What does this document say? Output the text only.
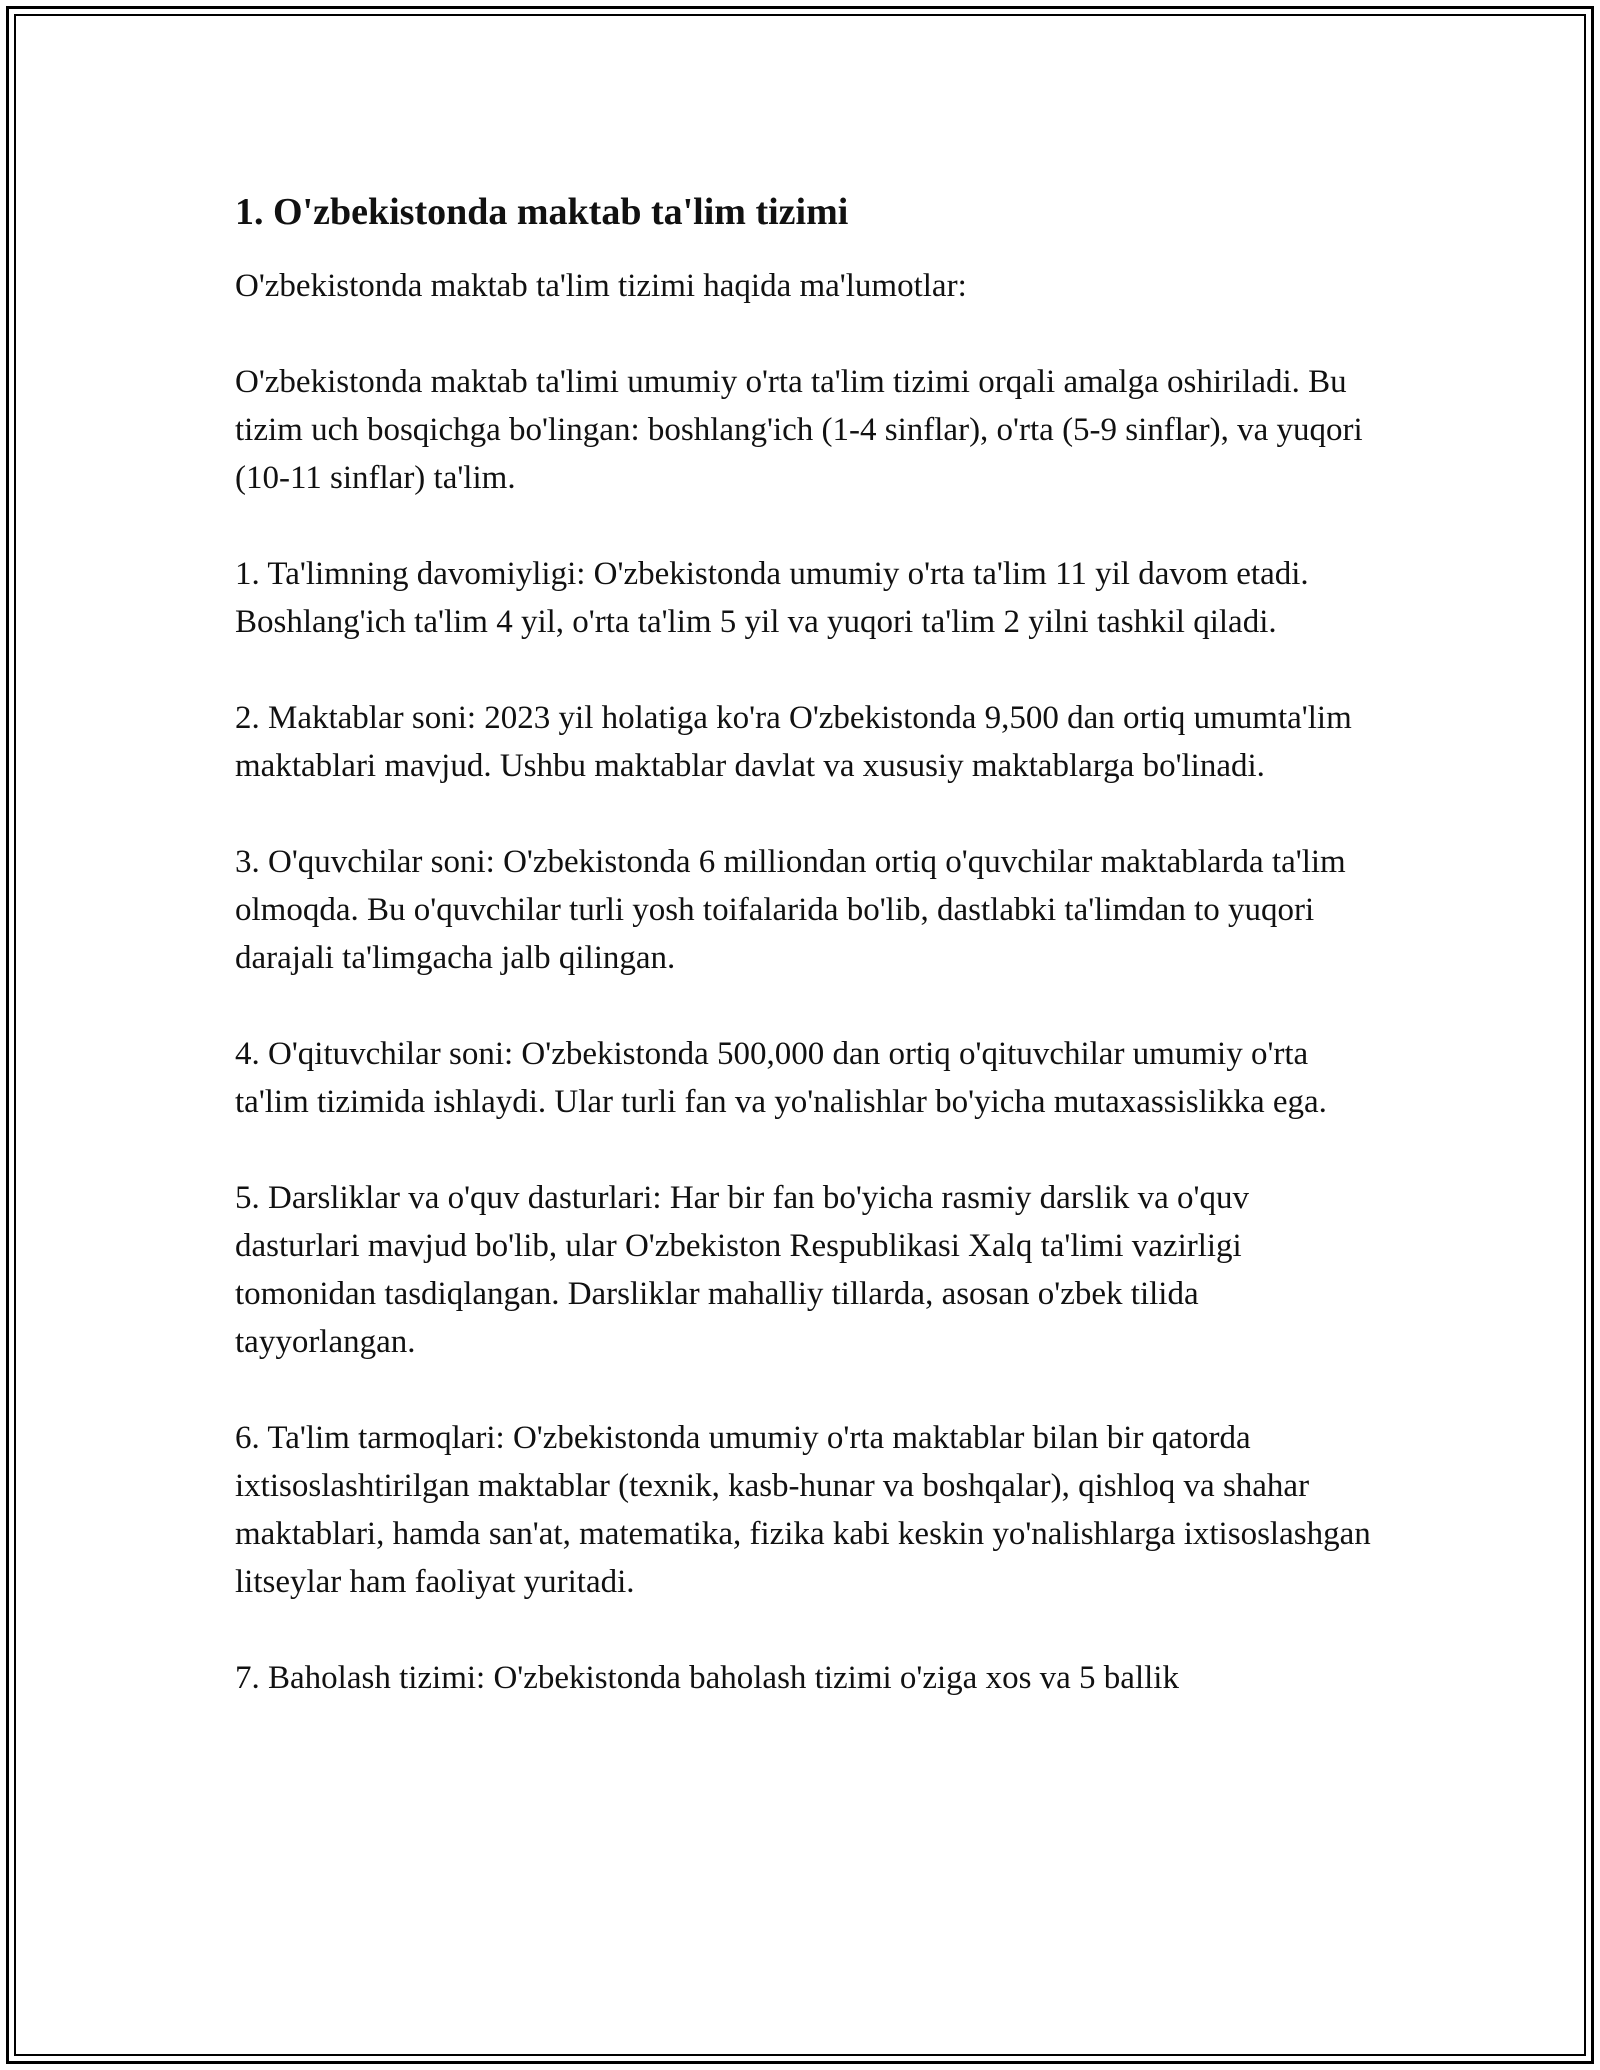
1. O'zbekistonda maktab ta'lim tizimi

O'zbekistonda maktab ta'lim tizimi haqida ma'lumotlar:

O'zbekistonda maktab ta'limi umumiy o'rta ta'lim tizimi orqali amalga oshiriladi. Bu tizim uch bosqichga bo'lingan: boshlang'ich (1-4 sinflar), o'rta (5-9 sinflar), va yuqori (10-11 sinflar) ta'lim.

1. Ta'limning davomiyligi: O'zbekistonda umumiy o'rta ta'lim 11 yil davom etadi. Boshlang'ich ta'lim 4 yil, o'rta ta'lim 5 yil va yuqori ta'lim 2 yilni tashkil qiladi.

2. Maktablar soni: 2023 yil holatiga ko'ra O'zbekistonda 9,500 dan ortiq umumta'lim maktablari mavjud. Ushbu maktablar davlat va xususiy maktablarga bo'linadi.

3. O'quvchilar soni: O'zbekistonda 6 milliondan ortiq o'quvchilar maktablarda ta'lim olmoqda. Bu o'quvchilar turli yosh toifalarida bo'lib, dastlabki ta'limdan to yuqori darajali ta'limgacha jalb qilingan.

4. O'qituvchilar soni: O'zbekistonda 500,000 dan ortiq o'qituvchilar umumiy o'rta ta'lim tizimida ishlaydi. Ular turli fan va yo'nalishlar bo'yicha mutaxassislikka ega.

5. Darsliklar va o'quv dasturlari: Har bir fan bo'yicha rasmiy darslik va o'quv dasturlari mavjud bo'lib, ular O'zbekiston Respublikasi Xalq ta'limi vazirligi tomonidan tasdiqlangan. Darsliklar mahalliy tillarda, asosan o'zbek tilida tayyorlangan.

6. Ta'lim tarmoqlari: O'zbekistonda umumiy o'rta maktablar bilan bir qatorda ixtisoslashtirilgan maktablar (texnik, kasb-hunar va boshqalar), qishloq va shahar maktablari, hamda san'at, matematika, fizika kabi keskin yo'nalishlarga ixtisoslashgan litseylar ham faoliyat yuritadi.

7. Baholash tizimi: O'zbekistonda baholash tizimi o'ziga xos va 5 ballik
